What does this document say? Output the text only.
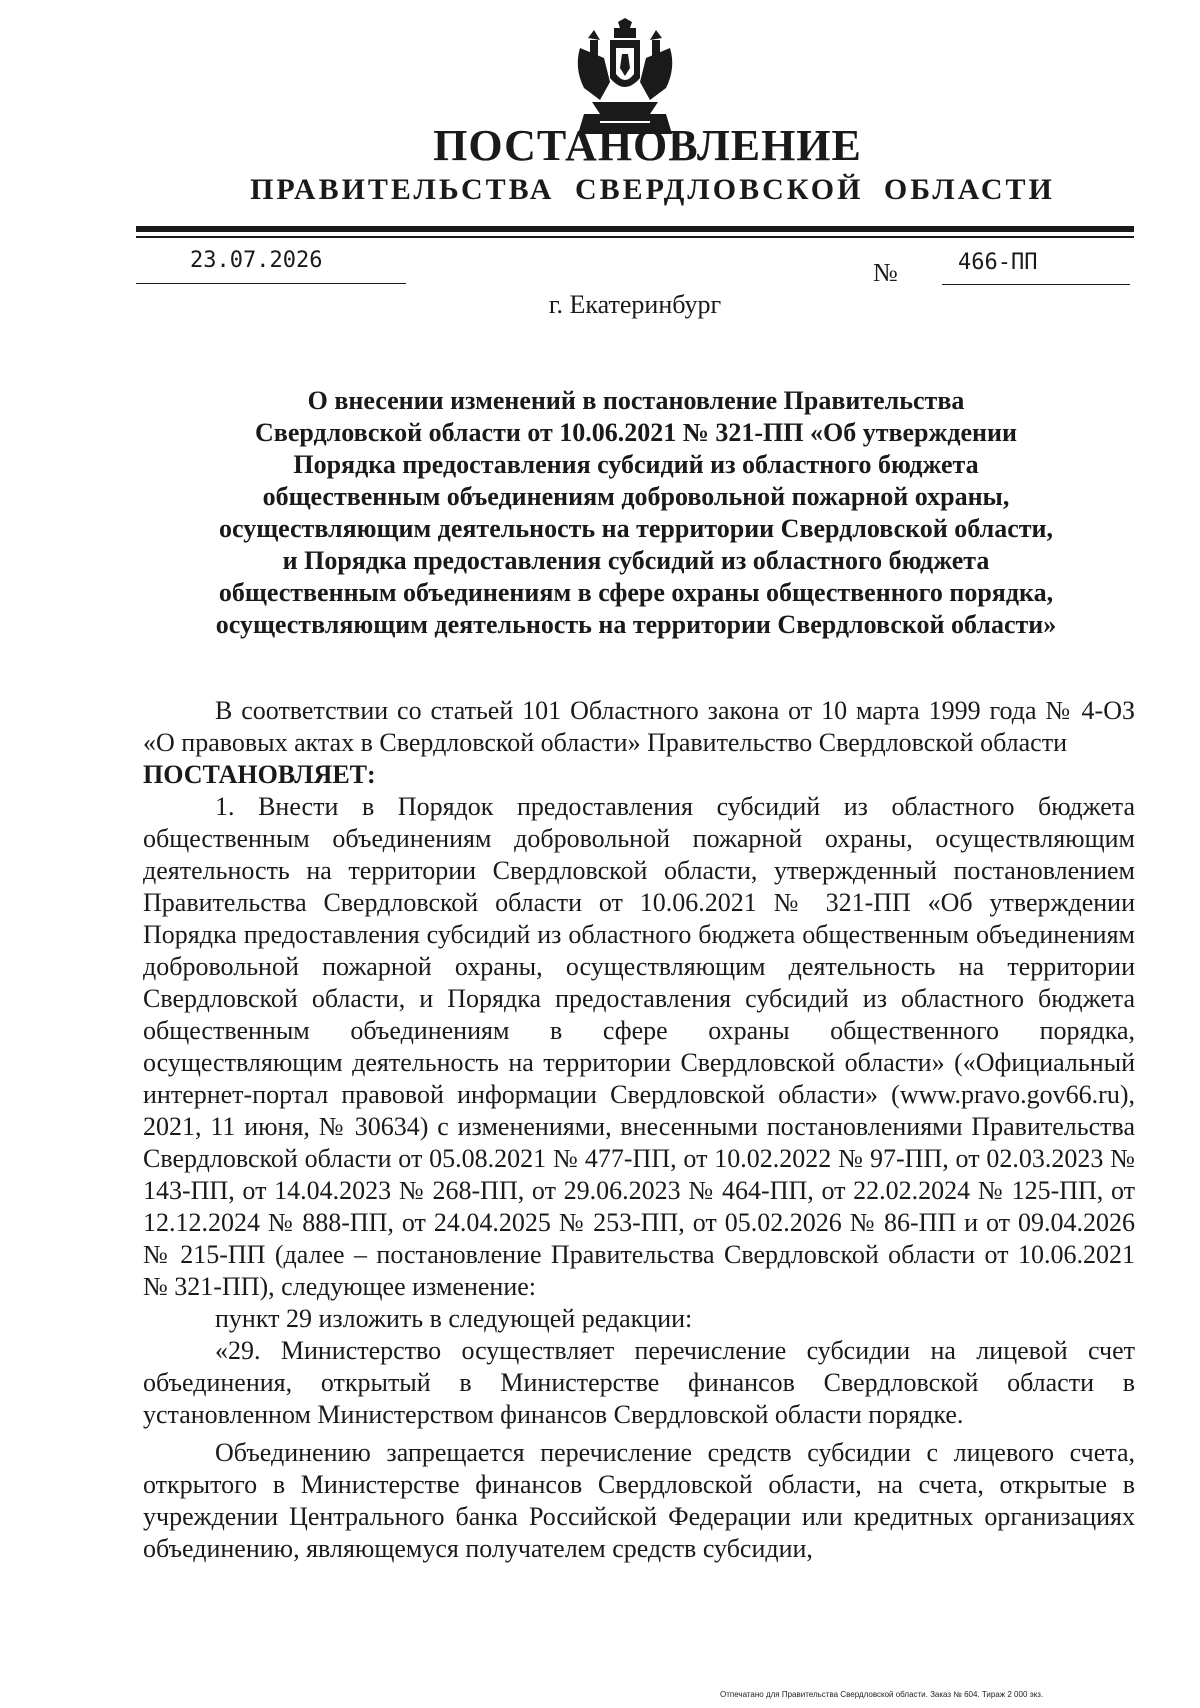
ПОСТАНОВЛЕНИЕ
ПРАВИТЕЛЬСТВА СВЕРДЛОВСКОЙ ОБЛАСТИ
23.07.2026	№	466-ПП
г. Екатеринбург
О внесении изменений в постановление Правительства
Свердловской области от 10.06.2021 № 321-ПП «Об утверждении
Порядка предоставления субсидий из областного бюджета
общественным объединениям добровольной пожарной охраны,
осуществляющим деятельность на территории Свердловской области,
и Порядка предоставления субсидий из областного бюджета
общественным объединениям в сфере охраны общественного порядка,
осуществляющим деятельность на территории Свердловской области»

В соответствии со статьей 101 Областного закона от 10 марта 1999 года № 4-ОЗ «О правовых актах в Свердловской области» Правительство Свердловской области

ПОСТАНОВЛЯЕТ:

1. Внести в Порядок предоставления субсидий из областного бюджета общественным объединениям добровольной пожарной охраны, осуществляющим деятельность на территории Свердловской области, утвержденный постановлением Правительства Свердловской области от 10.06.2021 № 321-ПП «Об утверждении Порядка предоставления субсидий из областного бюджета общественным объединениям добровольной пожарной охраны, осуществляющим деятельность на территории Свердловской области, и Порядка предоставления субсидий из областного бюджета общественным объединениям в сфере охраны общественного порядка, осуществляющим деятельность на территории Свердловской области» («Официальный интернет-портал правовой информации Свердловской области» (www.pravo.gov66.ru), 2021, 11 июня, № 30634) с изменениями, внесенными постановлениями Правительства Свердловской области от 05.08.2021 № 477-ПП, от 10.02.2022 № 97-ПП, от 02.03.2023 № 143-ПП, от 14.04.2023 № 268-ПП, от 29.06.2023 № 464-ПП, от 22.02.2024 № 125-ПП, от 12.12.2024 № 888-ПП, от 24.04.2025 № 253-ПП, от 05.02.2026 № 86-ПП и от 09.04.2026 № 215-ПП (далее – постановление Правительства Свердловской области от 10.06.2021 № 321-ПП), следующее изменение:

пункт 29 изложить в следующей редакции:

«29. Министерство осуществляет перечисление субсидии на лицевой счет объединения, открытый в Министерстве финансов Свердловской области в установленном Министерством финансов Свердловской области порядке.

Объединению запрещается перечисление средств субсидии с лицевого счета, открытого в Министерстве финансов Свердловской области, на счета, открытые в учреждении Центрального банка Российской Федерации или кредитных организациях объединению, являющемуся получателем средств субсидии,

Отпечатано для Правительства Свердловской области. Заказ № 604. Тираж 2 000 экз.
